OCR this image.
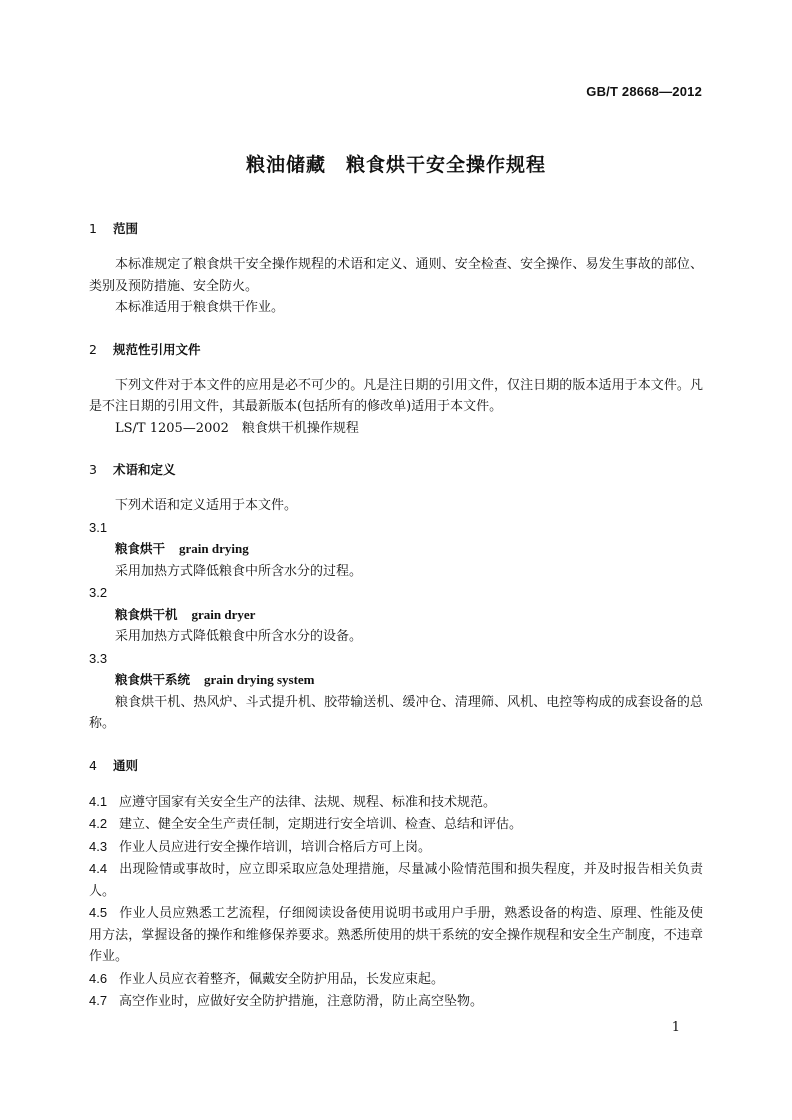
GB/T 28668—2012
粮油储藏　粮食烘干安全操作规程
1 范围

本标准规定了粮食烘干安全操作规程的术语和定义、通则、安全检查、安全操作、易发生事故的部位、类别及预防措施、安全防火。

本标准适用于粮食烘干作业。

2 规范性引用文件

下列文件对于本文件的应用是必不可少的。凡是注日期的引用文件，仅注日期的版本适用于本文件。凡是不注日期的引用文件，其最新版本(包括所有的修改单)适用于本文件。

LS/T 1205—2002　粮食烘干机操作规程

3 术语和定义

下列术语和定义适用于本文件。

3.1

粮食烘干 grain drying

采用加热方式降低粮食中所含水分的过程。

3.2

粮食烘干机 grain dryer

采用加热方式降低粮食中所含水分的设备。

3.3

粮食烘干系统 grain drying system

粮食烘干机、热风炉、斗式提升机、胶带输送机、缓冲仓、清理筛、风机、电控等构成的成套设备的总称。

4 通则

4.1 应遵守国家有关安全生产的法律、法规、规程、标准和技术规范。

4.2 建立、健全安全生产责任制，定期进行安全培训、检查、总结和评估。

4.3 作业人员应进行安全操作培训，培训合格后方可上岗。

4.4 出现险情或事故时，应立即采取应急处理措施，尽量减小险情范围和损失程度，并及时报告相关负责人。

4.5 作业人员应熟悉工艺流程，仔细阅读设备使用说明书或用户手册，熟悉设备的构造、原理、性能及使用方法，掌握设备的操作和维修保养要求。熟悉所使用的烘干系统的安全操作规程和安全生产制度，不违章作业。

4.6 作业人员应衣着整齐，佩戴安全防护用品，长发应束起。

4.7 高空作业时，应做好安全防护措施，注意防滑，防止高空坠物。

1
